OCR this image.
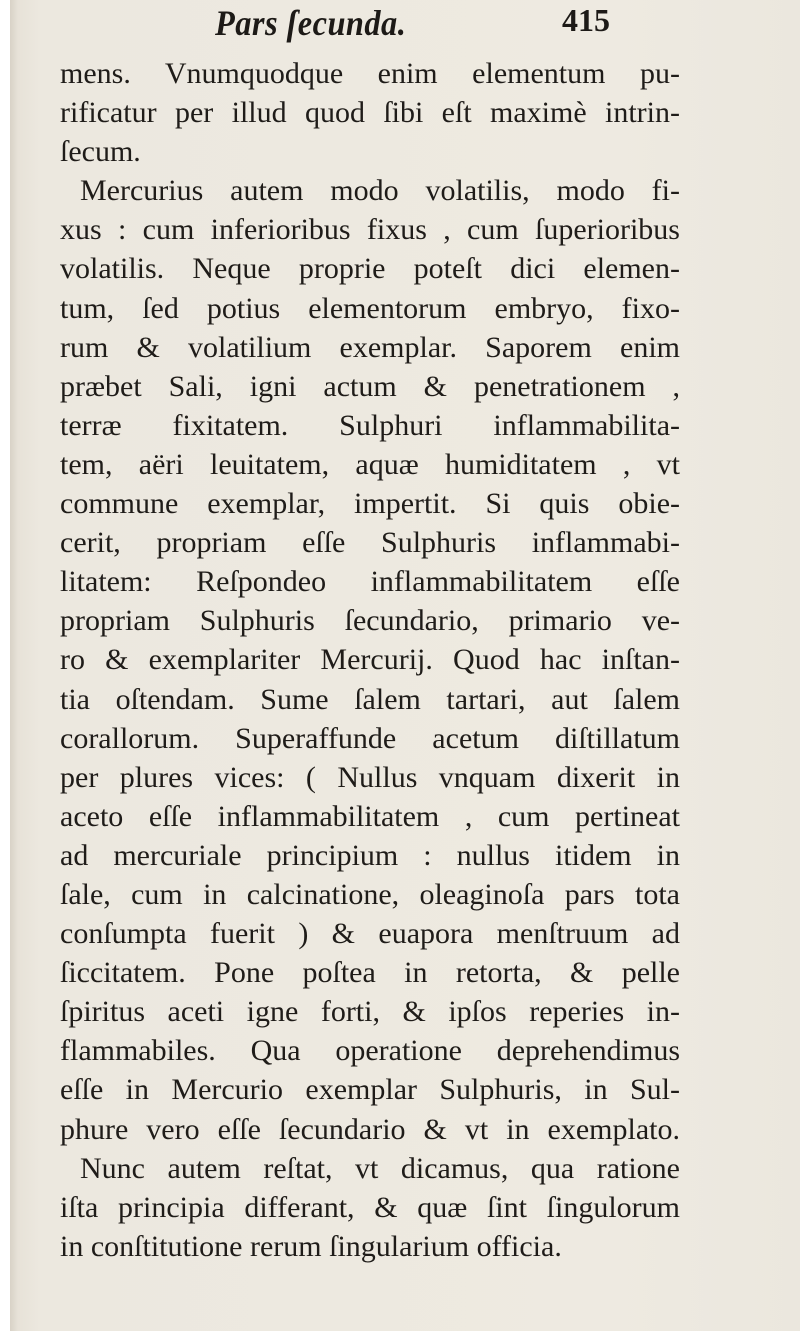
Pars ſecunda.	415
mens. Vnumquodque enim elementum pu-
rificatur per illud quod ſibi eſt maximè intrin-
ſecum.
Mercurius autem modo volatilis, modo fi-
xus : cum inferioribus fixus , cum ſuperioribus
volatilis. Neque proprie poteſt dici elemen-
tum, ſed potius elementorum embryo, fixo-
rum & volatilium exemplar. Saporem enim
præbet Sali, igni actum & penetrationem ,
terræ fixitatem. Sulphuri inflammabilita-
tem, aëri leuitatem, aquæ humiditatem , vt
commune exemplar, impertit. Si quis obie-
cerit, propriam eſſe Sulphuris inflammabi-
litatem: Reſpondeo inflammabilitatem eſſe
propriam Sulphuris ſecundario, primario ve-
ro & exemplariter Mercurij. Quod hac inſtan-
tia oſtendam. Sume ſalem tartari, aut ſalem
corallorum. Superaffunde acetum diſtillatum
per plures vices: ( Nullus vnquam dixerit in
aceto eſſe inflammabilitatem , cum pertineat
ad mercuriale principium : nullus itidem in
ſale, cum in calcinatione, oleaginoſa pars tota
conſumpta fuerit ) & euapora menſtruum ad
ſiccitatem. Pone poſtea in retorta, & pelle
ſpiritus aceti igne forti, & ipſos reperies in-
flammabiles. Qua operatione deprehendimus
eſſe in Mercurio exemplar Sulphuris, in Sul-
phure vero eſſe ſecundario & vt in exemplato.
Nunc autem reſtat, vt dicamus, qua ratione
iſta principia differant, & quæ ſint ſingulorum
in conſtitutione rerum ſingularium officia.
